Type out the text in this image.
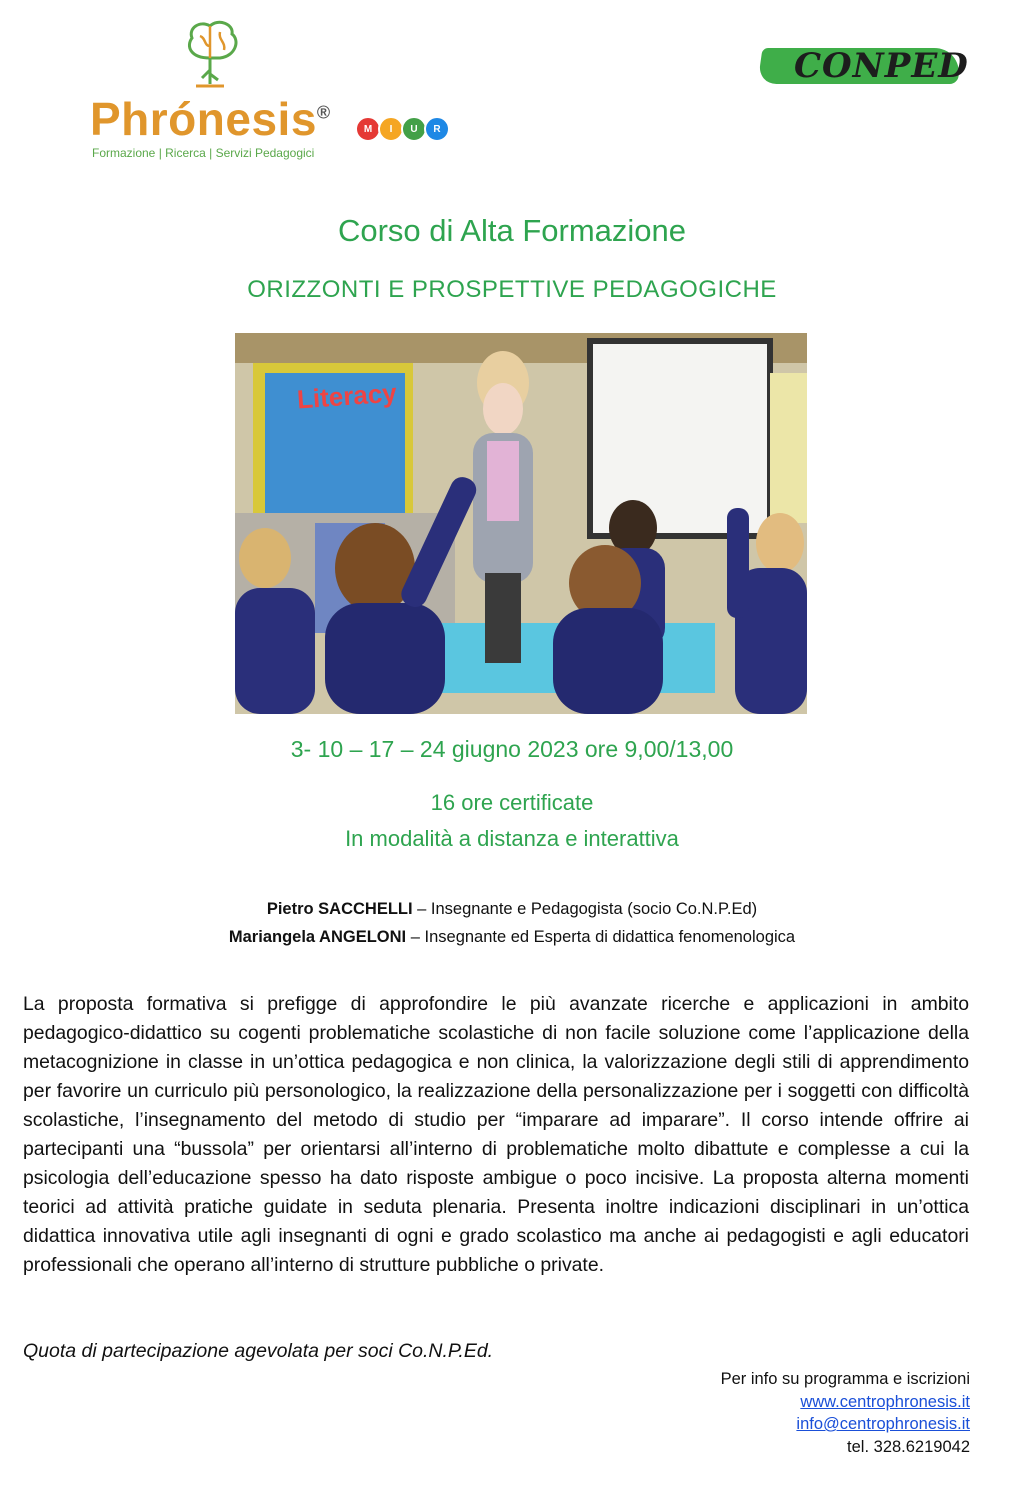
Phrónesis®
Formazione | Ricerca | Servizi Pedagogici
M	I	U	R
CONPED
Corso di Alta Formazione
ORIZZONTI E PROSPETTIVE PEDAGOGICHE
Literacy
3- 10 – 17 – 24 giugno 2023 ore 9,00/13,00
16 ore certificate
In modalità a distanza e interattiva
Pietro SACCHELLI – Insegnante e Pedagogista (socio Co.N.P.Ed)
Mariangela ANGELONI – Insegnante ed Esperta di didattica fenomenologica
La proposta formativa si prefigge di approfondire le più avanzate ricerche e applicazioni in ambito pedagogico-didattico su cogenti problematiche scolastiche di non facile soluzione come l’applicazione della metacognizione in classe in un’ottica pedagogica e non clinica, la valorizzazione degli stili di apprendimento per favorire un curriculo più personologico, la realizzazione della personalizzazione per i soggetti con difficoltà scolastiche, l’insegnamento del metodo di studio per “imparare ad imparare”. Il corso intende offrire ai partecipanti una “bussola” per orientarsi all’interno di problematiche molto dibattute e complesse a cui la psicologia dell’educazione spesso ha dato risposte ambigue o poco incisive. La proposta alterna momenti teorici ad attività pratiche guidate in seduta plenaria. Presenta inoltre indicazioni disciplinari in un’ottica didattica innovativa utile agli insegnanti di ogni e grado scolastico ma anche ai pedagogisti e agli educatori professionali che operano all’interno di strutture pubbliche o private.
Quota di partecipazione agevolata per soci Co.N.P.Ed.
Per info su programma e iscrizioni
www.centrophronesis.it
info@centrophronesis.it
tel. 328.6219042
